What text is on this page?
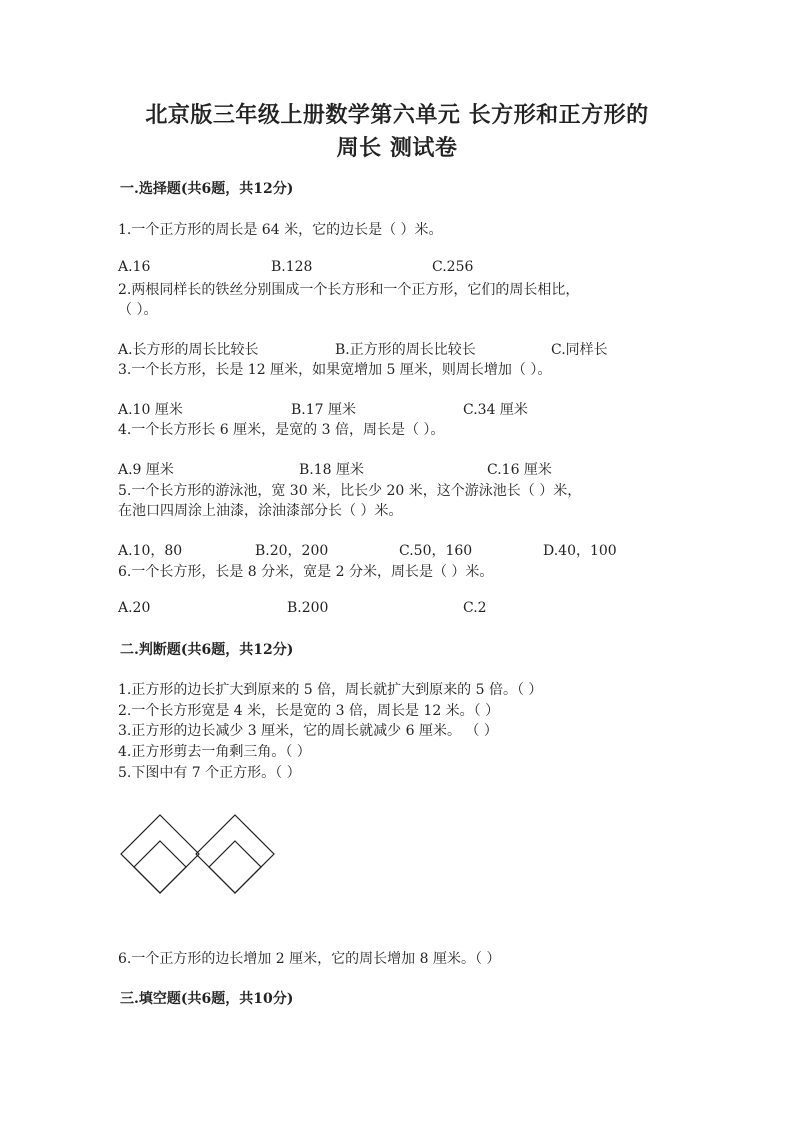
北京版三年级上册数学第六单元 长方形和正方形的
周长 测试卷

一.选择题(共6题，共12分)

1.一个正方形的周长是 64 米，它的边长是（ ）米。

A.16	B.128	C.256

2.两根同样长的铁丝分别围成一个长方形和一个正方形，它们的周长相比，

（ ）。

A.长方形的周长比较长	B.正方形的周长比较长	C.同样长

3.一个长方形，长是 12 厘米，如果宽增加 5 厘米，则周长增加（ ）。

A.10 厘米	B.17 厘米	C.34 厘米

4.一个长方形长 6 厘米，是宽的 3 倍，周长是（ ）。

A.9 厘米	B.18 厘米	C.16 厘米

5.一个长方形的游泳池，宽 30 米，比长少 20 米，这个游泳池长（ ）米，

在池口四周涂上油漆，涂油漆部分长（ ）米。

A.10，80	B.20，200	C.50，160	D.40，100

6.一个长方形，长是 8 分米，宽是 2 分米，周长是（ ）米。

A.20	B.200	C.2

二.判断题(共6题，共12分)

1.正方形的边长扩大到原来的 5 倍，周长就扩大到原来的 5 倍。（ ）

2.一个长方形宽是 4 米，长是宽的 3 倍，周长是 12 米。（ ）

3.正方形的边长减少 3 厘米，它的周长就减少 6 厘米。 （ ）

4.正方形剪去一角剩三角。（ ）

5.下图中有 7 个正方形。（ ）

6.一个正方形的边长增加 2 厘米，它的周长增加 8 厘米。（ ）

三.填空题(共6题，共10分)
